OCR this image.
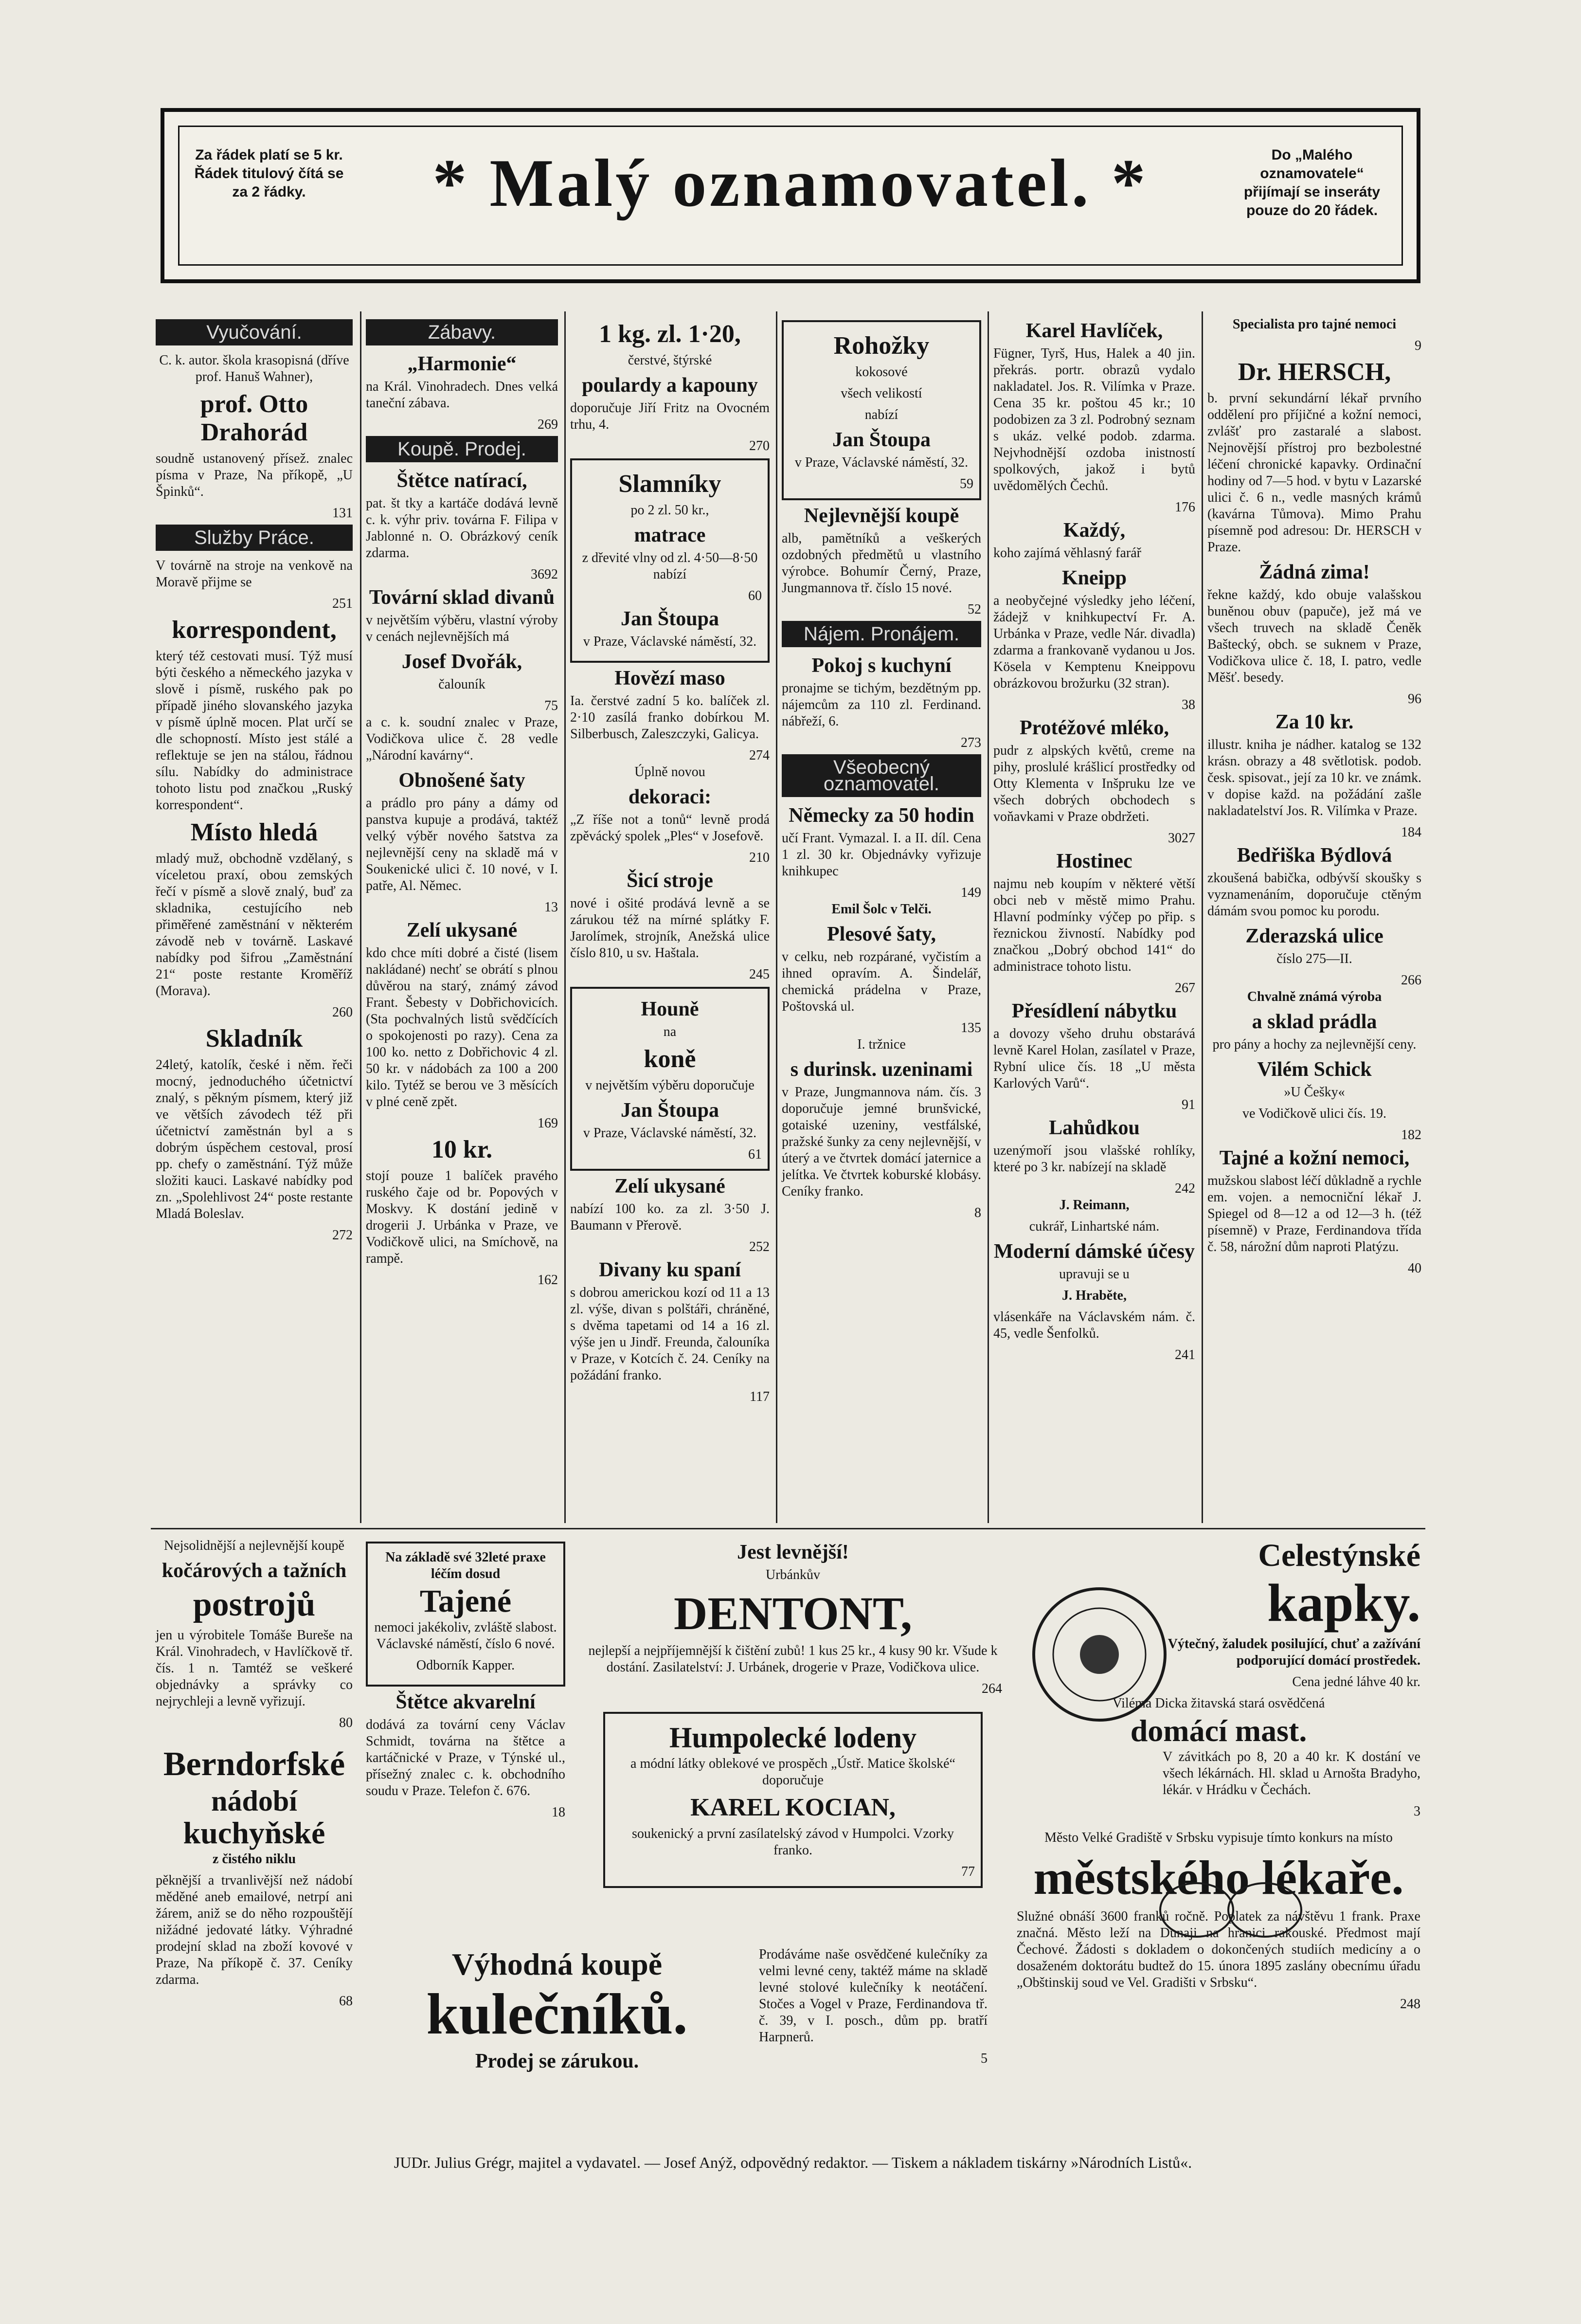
Za řádek platí se 5 kr. Řádek titulový čítá se za 2 řádky.	* Malý oznamovatel. *	Do „Malého oznamovatele“ přijímají se inseráty pouze do 20 řádek.
Vyučování.
C. k. autor. škola krasopisná (dříve prof. Hanuš Wahner),
prof. Otto Drahorád
soudně ustanovený přísež. znalec písma v Praze, Na příkopě, „U Špinků“.
131
Služby Práce.
V továrně na stroje na venkově na Moravě přijme se
251
korrespondent,
který též cestovati musí. Týž musí býti českého a německého jazyka v slově i písmě, ruského pak po případě jiného slovanského jazyka v písmě úplně mocen. Plat určí se dle schopností. Místo jest stálé a reflektuje se jen na stálou, řádnou sílu. Nabídky do administrace tohoto listu pod značkou „Ruský korrespondent“.
Místo hledá
mladý muž, obchodně vzdělaný, s víceletou praxí, obou zemských řečí v písmě a slově znalý, buď za skladnika, cestujícího neb přiměřené zaměstnání v některém závodě neb v továrně. Laskavé nabídky pod šifrou „Zaměstnání 21“ poste restante Kroměříž (Morava).
260
Skladník
24letý, katolík, české i něm. řeči mocný, jednoduchého účetnictví znalý, s pěkným písmem, který již ve větších závodech též při účetnictví zaměstnán byl a s dobrým úspěchem cestoval, prosí pp. chefy o zaměstnání. Týž může složiti kauci. Laskavé nabídky pod zn. „Spolehlivost 24“ poste restante Mladá Boleslav.
272
Zábavy.
„Harmonie“
na Král. Vinohradech. Dnes velká taneční zábava.
269
Koupě. Prodej.
Štětce natírací,
pat. št tky a kartáče dodává levně c. k. výhr priv. továrna F. Filipa v Jablonné n. O. Obrázkový ceník zdarma.
3692
Tovární sklad divanů
v největším výběru, vlastní výroby v cenách nejlevnějších má
Josef Dvořák,
čalouník
75
a c. k. soudní znalec v Praze, Vodičkova ulice č. 28 vedle „Národní kavárny“.
Obnošené šaty
a prádlo pro pány a dámy od panstva kupuje a prodává, taktéž velký výběr nového šatstva za nejlevnější ceny na skladě má v Soukenické ulici č. 10 nové, v I. patře, Al. Němec.
13
Zelí ukysané
kdo chce míti dobré a čisté (lisem nakládané) nechť se obrátí s plnou důvěrou na starý, známý závod Frant. Šebesty v Dobřichovicích. (Sta pochvalných listů svědčících o spokojenosti po razy). Cena za 100 ko. netto z Dobřichovic 4 zl. 50 kr. v nádobách za 100 a 200 kilo. Tytéž se berou ve 3 měsících v plné ceně zpět.
169
10 kr.
stojí pouze 1 balíček pravého ruského čaje od br. Popových v Moskvy. K dostání jedině v drogerii J. Urbánka v Praze, ve Vodičkově ulici, na Smíchově, na rampě.
162
1 kg. zl. 1·20,
čerstvé, štýrské
poulardy a kapouny
doporučuje Jiří Fritz na Ovocném trhu, 4.
270
Slamníky
po 2 zl. 50 kr.,
matrace
z dřevité vlny od zl. 4·50—8·50 nabízí
60
Jan Štoupa
v Praze, Václavské náměstí, 32.
Hovězí maso
Ia. čerstvé zadní 5 ko. balíček zl. 2·10 zasílá franko dobírkou M. Silberbusch, Zaleszczyki, Galicya.
274
Úplně novou
dekoraci:
„Z říše not a tonů“ levně prodá zpěvácký spolek „Ples“ v Josefově.
210
Šicí stroje
nové i ošité prodává levně a se zárukou též na mírné splátky F. Jarolímek, strojník, Anežská ulice číslo 810, u sv. Haštala.
245
Houně
na
koně
v největším výběru doporučuje
Jan Štoupa
v Praze, Václavské náměstí, 32.
61
Zelí ukysané
nabízí 100 ko. za zl. 3·50 J. Baumann v Přerově.
252
Divany ku spaní
s dobrou americkou kozí od 11 a 13 zl. výše, divan s polštáři, chráněné, s dvěma tapetami od 14 a 16 zl. výše jen u Jindř. Freunda, čalouníka v Praze, v Kotcích č. 24. Ceníky na požádání franko.
117
Rohožky
kokosové
všech velikostí
nabízí
Jan Štoupa
v Praze, Václavské náměstí, 32.
59
Nejlevnější koupě
alb, pamětníků a veškerých ozdobných předmětů u vlastního výrobce. Bohumír Černý, Praze, Jungmannova tř. číslo 15 nové.
52
Nájem. Pronájem.
Pokoj s kuchyní
pronajme se tichým, bezdětným pp. nájemcům za 110 zl. Ferdinand. nábřeží, 6.
273
Všeobecný oznamovatel.
Německy za 50 hodin
učí Frant. Vymazal. I. a II. díl. Cena 1 zl. 30 kr. Objednávky vyřizuje knihkupec
149
Emil Šolc v Telči.
Plesové šaty,
v celku, neb rozpárané, vyčistím a ihned opravím. A. Šindelář, chemická prádelna v Praze, Poštovská ul.
135
I. tržnice
s durinsk. uzeninami
v Praze, Jungmannova nám. čís. 3 doporučuje jemné brunšvické, gotaiské uzeniny, vestfálské, pražské šunky za ceny nejlevnější, v úterý a ve čtvrtek domácí jaternice a jelítka. Ve čtvrtek koburské klobásy. Ceníky franko.
8
Karel Havlíček,
Fügner, Tyrš, Hus, Halek a 40 jin. překrás. portr. obrazů vydalo nakladatel. Jos. R. Vilímka v Praze. Cena 35 kr. poštou 45 kr.; 10 podobizen za 3 zl. Podrobný seznam s ukáz. velké podob. zdarma. Nejvhodnější ozdoba inistností spolkových, jakož i bytů uvědomělých Čechů.
176
Každý,
koho zajímá věhlasný farář
Kneipp
a neobyčejné výsledky jeho léčení, žádejž v knihkupectví Fr. A. Urbánka v Praze, vedle Nár. divadla) zdarma a frankovaně vydanou u Jos. Kösela v Kemptenu Kneippovu obrázkovou brožurku (32 stran).
38
Protéžové mléko,
pudr z alpských květů, creme na pihy, proslulé krášlicí prostředky od Otty Klementa v Inšpruku lze ve všech dobrých obchodech s voňavkami v Praze obdržeti.
3027
Hostinec
najmu neb koupím v některé větší obci neb v městě mimo Prahu. Hlavní podmínky výčep po přip. s řeznickou živností. Nabídky pod značkou „Dobrý obchod 141“ do administrace tohoto listu.
267
Přesídlení nábytku
a dovozy všeho druhu obstarává levně Karel Holan, zasílatel v Praze, Rybní ulice čís. 18 „U města Karlových Varů“.
91
Lahůdkou
uzenýmoří jsou vlašské rohlíky, které po 3 kr. nabízejí na skladě
242
J. Reimann,
cukrář, Linhartské nám.
Moderní dámské účesy
upravuji se u
J. Hraběte,
vlásenkáře na Václavském nám. č. 45, vedle Šenfolků.
241
Specialista pro tajné nemoci
9
Dr. HERSCH,
b. první sekundární lékař prvního oddělení pro příjičné a kožní nemoci, zvlášť pro zastaralé a slabost. Nejnovější přístroj pro bezbolestné léčení chronické kapavky. Ordinační hodiny od 7—5 hod. v bytu v Lazarské ulici č. 6 n., vedle masných krámů (kavárna Tůmova). Mimo Prahu písemně pod adresou: Dr. HERSCH v Praze.
Žádná zima!
řekne každý, kdo obuje valašskou buněnou obuv (papuče), jež má ve všech truvech na skladě Čeněk Baštecký, obch. se suknem v Praze, Vodičkova ulice č. 18, I. patro, vedle Měšť. besedy.
96
Za 10 kr.
illustr. kniha je nádher. katalog se 132 krásn. obrazy a 48 světlotisk. podob. česk. spisovat., její za 10 kr. ve známk. v dopise každ. na požádání zašle nakladatelství Jos. R. Vilímka v Praze.
184
Bedřiška Býdlová
zkoušená babička, odbývší skoušky s vyznamenáním, doporučuje ctěným dámám svou pomoc ku porodu.
Zderazská ulice
číslo 275—II.
266
Chvalně známá výroba
a sklad prádla
pro pány a hochy za nejlevnější ceny.
Vilém Schick
»U Češky«
ve Vodičkově ulici čís. 19.
182
Tajné a kožní nemoci,
mužskou slabost léčí důkladně a rychle em. vojen. a nemocniční lékař J. Spiegel od 8—12 a od 12—3 h. (též písemně) v Praze, Ferdinandova třída č. 58, nárožní dům naproti Platýzu.
40
Nejsolidnější a nejlevnější koupě
kočárových a tažních
postrojů
jen u výrobitele Tomáše Bureše na Král. Vinohradech, v Havlíčkově tř. čís. 1 n. Tamtéž se veškeré objednávky a správky co nejrychleji a levně vyřizují.
80
Berndorfské
nádobí
kuchyňské
z čistého niklu
pěknější a trvanlivější než nádobí měděné aneb emailové, netrpí ani žárem, aniž se do něho rozpouštějí nižádné jedovaté látky. Výhradné prodejní sklad na zboží kovové v Praze, Na příkopě č. 37. Ceníky zdarma.
68
Na základě své 32leté praxe léčím dosud
Tajené
nemoci jakékoliv, zvláště slabost. Václavské náměstí, číslo 6 nové.
Odborník Kapper.
Štětce akvarelní
dodává za tovární ceny Václav Schmidt, továrna na štětce a kartáčnické v Praze, v Týnské ul., přísežný znalec c. k. obchodního soudu v Praze. Telefon č. 676.
18
Jest levnější!
Urbánkův
DENTONT,
nejlepší a nejpříjemnější k čištění zubů! 1 kus 25 kr., 4 kusy 90 kr. Všude k dostání. Zasilatelství: J. Urbánek, drogerie v Praze, Vodičkova ulice.
264
Humpolecké lodeny
a módní látky oblekové ve prospěch „Ústř. Matice školské“ doporučuje
KAREL KOCIAN,
soukenický a první zasílatelský závod v Humpolci. Vzorky franko.
77
Výhodná koupě
kulečníků.
Prodej se zárukou.
Prodáváme naše osvědčené kulečníky za velmi levné ceny, taktéž máme na skladě levné stolové kulečníky k neotáčení. Stočes a Vogel v Praze, Ferdinandova tř. č. 39, v I. posch., dům pp. bratří Harpnerů.
5
Celestýnské
kapky.
Výtečný, žaludek posilující, chuť a zažívání podporující domácí prostředek.
Cena jedné láhve 40 kr.
Viléma Dicka žitavská stará osvědčená
domácí mast.
V závitkách po 8, 20 a 40 kr. K dostání ve všech lékárnách. Hl. sklad u Arnošta Bradyho, lékár. v Hrádku v Čechách.
3
Město Velké Gradiště v Srbsku vypisuje tímto konkurs na místo
městského lékaře.
Služné obnáší 3600 franků ročně. Poplatek za návštěvu 1 frank. Praxe značná. Město leží na Dunaji na hranici rakouské. Předmost mají Čechové. Žádosti s dokladem o dokončených studiích medicíny a o dosaženém doktorátu budtež do 15. února 1895 zaslány obecnímu úřadu „Obštinskij soud ve Vel. Gradišti v Srbsku“.
248
JUDr. Julius Grégr, majitel a vydavatel. — Josef Anýž, odpovědný redaktor. — Tiskem a nákladem tiskárny »Národních Listů«.
